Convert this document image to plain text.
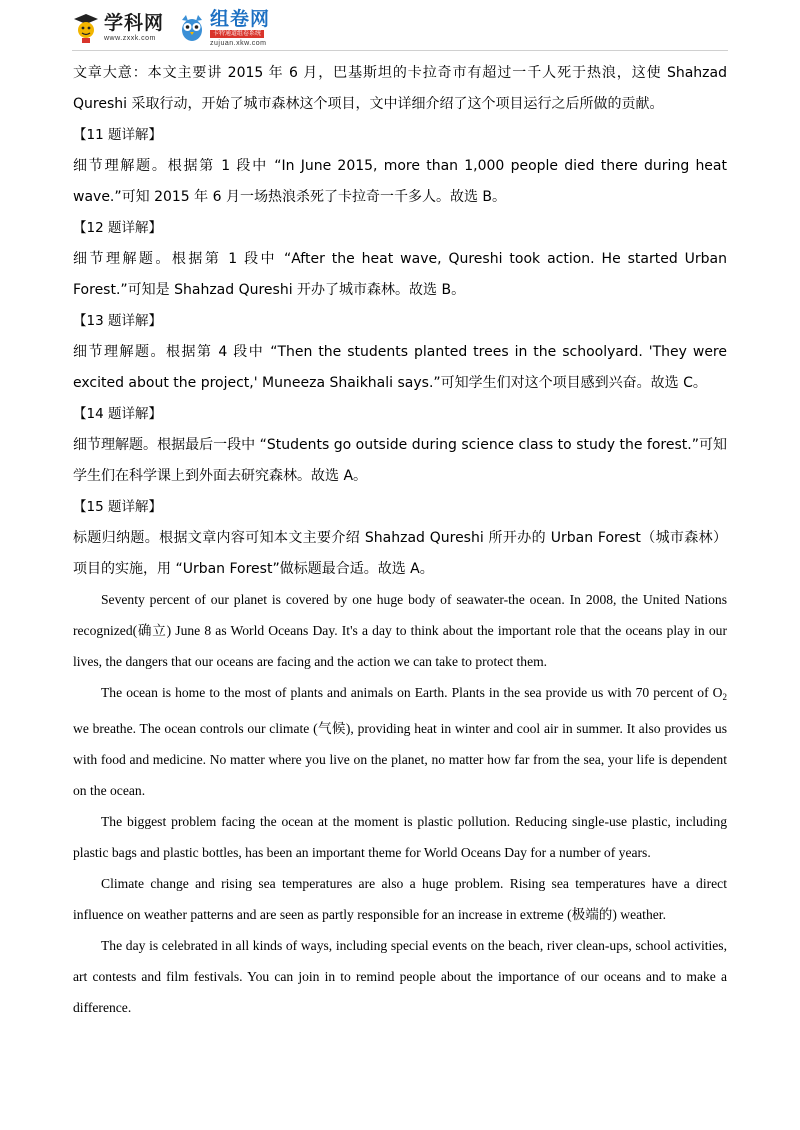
学科网
www.zxxk.com
组卷网
卡特通道组卷系统
zujuan.xkw.com

文章大意：本文主要讲 2015 年 6 月，巴基斯坦的卡拉奇市有超过一千人死于热浪，这使 Shahzad Qureshi 采取行动，开始了城市森林这个项目，文中详细介绍了这个项目运行之后所做的贡献。

【11 题详解】

细节理解题。根据第 1 段中 “In June 2015, more than 1,000 people died there during heat wave.”可知 2015 年 6 月一场热浪杀死了卡拉奇一千多人。故选 B。

【12 题详解】

细节理解题。根据第 1 段中 “After the heat wave, Qureshi took action. He started Urban Forest.”可知是 Shahzad Qureshi 开办了城市森林。故选 B。

【13 题详解】

细节理解题。根据第 4 段中 “Then the students planted trees in the schoolyard. 'They were excited about the project,' Muneeza Shaikhali says.”可知学生们对这个项目感到兴奋。故选 C。

【14 题详解】

细节理解题。根据最后一段中 “Students go outside during science class to study the forest.”可知学生们在科学课上到外面去研究森林。故选 A。

【15 题详解】

标题归纳题。根据文章内容可知本文主要介绍 Shahzad Qureshi 所开办的 Urban Forest（城市森林）项目的实施，用 “Urban Forest”做标题最合适。故选 A。

Seventy percent of our planet is covered by one huge body of seawater-the ocean. In 2008, the United Nations recognized(确立) June 8 as World Oceans Day. It's a day to think about the important role that the oceans play in our lives, the dangers that our oceans are facing and the action we can take to protect them.

The ocean is home to the most of plants and animals on Earth. Plants in the sea provide us with 70 percent of $O_2$ we breathe. The ocean controls our climate (气候), providing heat in winter and cool air in summer. It also provides us with food and medicine. No matter where you live on the planet, no matter how far from the sea, your life is dependent on the ocean.

The biggest problem facing the ocean at the moment is plastic pollution. Reducing single-use plastic, including plastic bags and plastic bottles, has been an important theme for World Oceans Day for a number of years.

Climate change and rising sea temperatures are also a huge problem. Rising sea temperatures have a direct influence on weather patterns and are seen as partly responsible for an increase in extreme (极端的) weather.

The day is celebrated in all kinds of ways, including special events on the beach, river clean-ups, school activities, art contests and film festivals. You can join in to remind people about the importance of our oceans and to make a difference.
